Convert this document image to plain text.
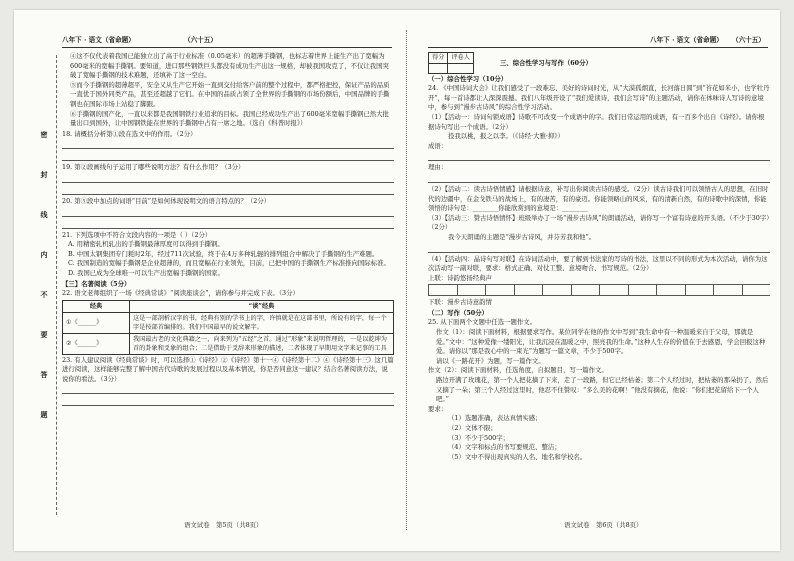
八年下 · 语文（省命题）	（六十五）
密
封
线
内
不
要
答
题

④这不仅代表着我国已能独立出了高于行业标准（0.05毫米）的超薄手撕钢，也标志着世界上能生产出了宽幅为600毫米的宽幅手撕钢。要知道，进口那些钢铁巨头都没有成功生产出这一规格，却被我国攻克了，不仅让我国突破了宽幅手撕钢的技术难题，还填补了这一空白。

⑤而今手撕钢的超薄超平，安全又从生产它开始一直到交付给客户前的整个过程中，都严格把控，保证产品的品质一直优于国外同类产品，甚至还超越了它们。在中国的品质占领了全世界的手撕钢的市场份额后，中国品牌的手撕钢也在国际市场上站稳了脚跟。

⑥手撕钢的国产化，一直以来都是我国钢铁行业追求的目标。我国已经成功生产出了600毫米宽幅手撕钢已然大批量出口到国外，让中国钢铁能在世界的手撕钢中占有一席之地。（选自《科普时报》）

18. 请概括分析第①段在选文中的作用。（2分）

19. 第②段画线句子运用了哪些说明方法？有什么作用？（3分）

20. 第⑤段中加点的词语“目前”是如何体现说明文的语言特点的？（2分）

21. 下列选项中不符合文段内容的一项是（ ）（2分）

A. 用精密轧机轧出的手撕钢最薄厚度可以得到手撕钢。

B. 中国太钢集团专门耗时2年，经过711次试验，终于在4万多种轧辊的排列组合中解决了手撕钢的生产难题。

C. 我国制造的宽幅手撕钢是企业超薄的，而且宽幅在行业领先，目前，已把中国的手撕钢生产标准推向国际标准。

D. 我国已成为全球唯一可以生产出宽幅手撕钢的国家。

【三】名著阅读（5分）

22. 语文老师组织了一场《经典常谈》“阅读座谈会”，请你参与并完成下表。（3分）

经典	“谈”经典
①《______》	这是一部剖析汉字的书，经典有别的学书上的字，许慎就是在这部书里，所说有的字，每一个字是按部首编排的。我们中国最早的说文解字。
②《______》	我国最古老的文化典籍之一，向来列为“五经”之首。通过“形象”来说明哲理的，一是以乾坤为首的卦象和爻象的组合；二是借助于爻辞来形象的描述，二者体现了早期用文字来记事的工具

23. 有人建议阅读《经典常谈》时，可以选择①《诗经》②《诗经》第十一④《诗经第十二》④《诗经第十三》这几篇进行阅读，这样能够完整了解中国古代诗歌的发展过程以及基本情况，你是否同意这一建议？结合名著阅读方法，说说你的看法。（3分）

语文试卷　第5页（共8页）
八年下 · 语文（省命题） （六十五）
得分	评卷人

三、综合性学习与写作（60分）

（一）综合性学习（10分）

24. 《中国诗词大会》让我们感受了一段难忘、美好的诗词时光，从“大漠孤烟直，长河落日圆”到“苔花如米小，也学牡丹开”，每一首诗都让人深深震撼。我们八年级开设了“我们爱读诗，我们会写诗”的主题活动，请你在体味诗人写诗的意境中，参与到“漫步古诗风”的综合性学习活动。

（1）【活动一：诗词句锁成语】诗歌不可改变一个成语中的字。我们日常运用的成语，有一百多个出自《诗经》。请你根据诗句写出一个成语。（2分）

投我以桃，报之以李。（《诗经·大雅·抑》）

成语：

理由：

（2）【活动二：读古诗悟情感】请根据诗意，补写出你阅读古诗的感受。（2分）读古诗我们可以领悟古人的思想，在旧时代的边疆中，在金戈铁马的战场上，有的凄苦，有的豪迈。你能领略山的风采，有的清新自然，有的诗歌中的深情，你能领悟的诗句是：________你能欣赏到的意境是：________

（3）【活动三：赞古诗悟情怀】班级举办了一场“漫步古诗风”的朗诵活动，请你写一个富有诗意的开头语。（不少于30字）（2分）

我今天朗诵的主题是“漫步古诗风，并芬芳我和他”。

（4）【活动四：晶诗句写对联】在诗词活动中，要了解到书法家的写诗的书法，这里以不同的形式为本次活动，请你为这次活动写一副对联，要求：格式正确、对仗工整、意境吻合、书写规范。（2分）

上联：诗韵悠扬经典声

下联：漫步古诗意韵情

（二）写作（50分）

25. 从下面两个文题中任选一题作文。

作文（1）：阅读下面材料，根据要求写作。某位同学在他的作文中写到“我生命中有一种温暖来自于父母，那就是爱。”文中：“这种爱像一缕阳光，让我沉浸在温暖之中，照亮我的生命。”这种人生存的价值在于去感恩，学会回报这种爱。请你以“那是我心中的一束光”为题写一篇文章，不少于500字。

请以《一路花开》为题，写一篇作文。

作文（2）：阅读下面材料，任选角度，自拟题目，写一篇作文。

路边开满了玫瑰花，第一个人把花摘了下来，走了一段路，但它已经枯萎；第二个人经过时，把枯萎的那朵扔了，然后又摘了一朵；第三个人经过这里时，他忍不住赞叹：“多么美的花啊！”他没有摘花，他说：“你们把花留给下一个人吧。”

要求：

（1）选题准确，表达真情实感；

（2）文体不限；

（3）不少于500字；

（4）文字和标点的书写要规范、整洁；

（5）文中不得出现真实的人名、地名和学校名。

语文试卷　第6页（共8页）
